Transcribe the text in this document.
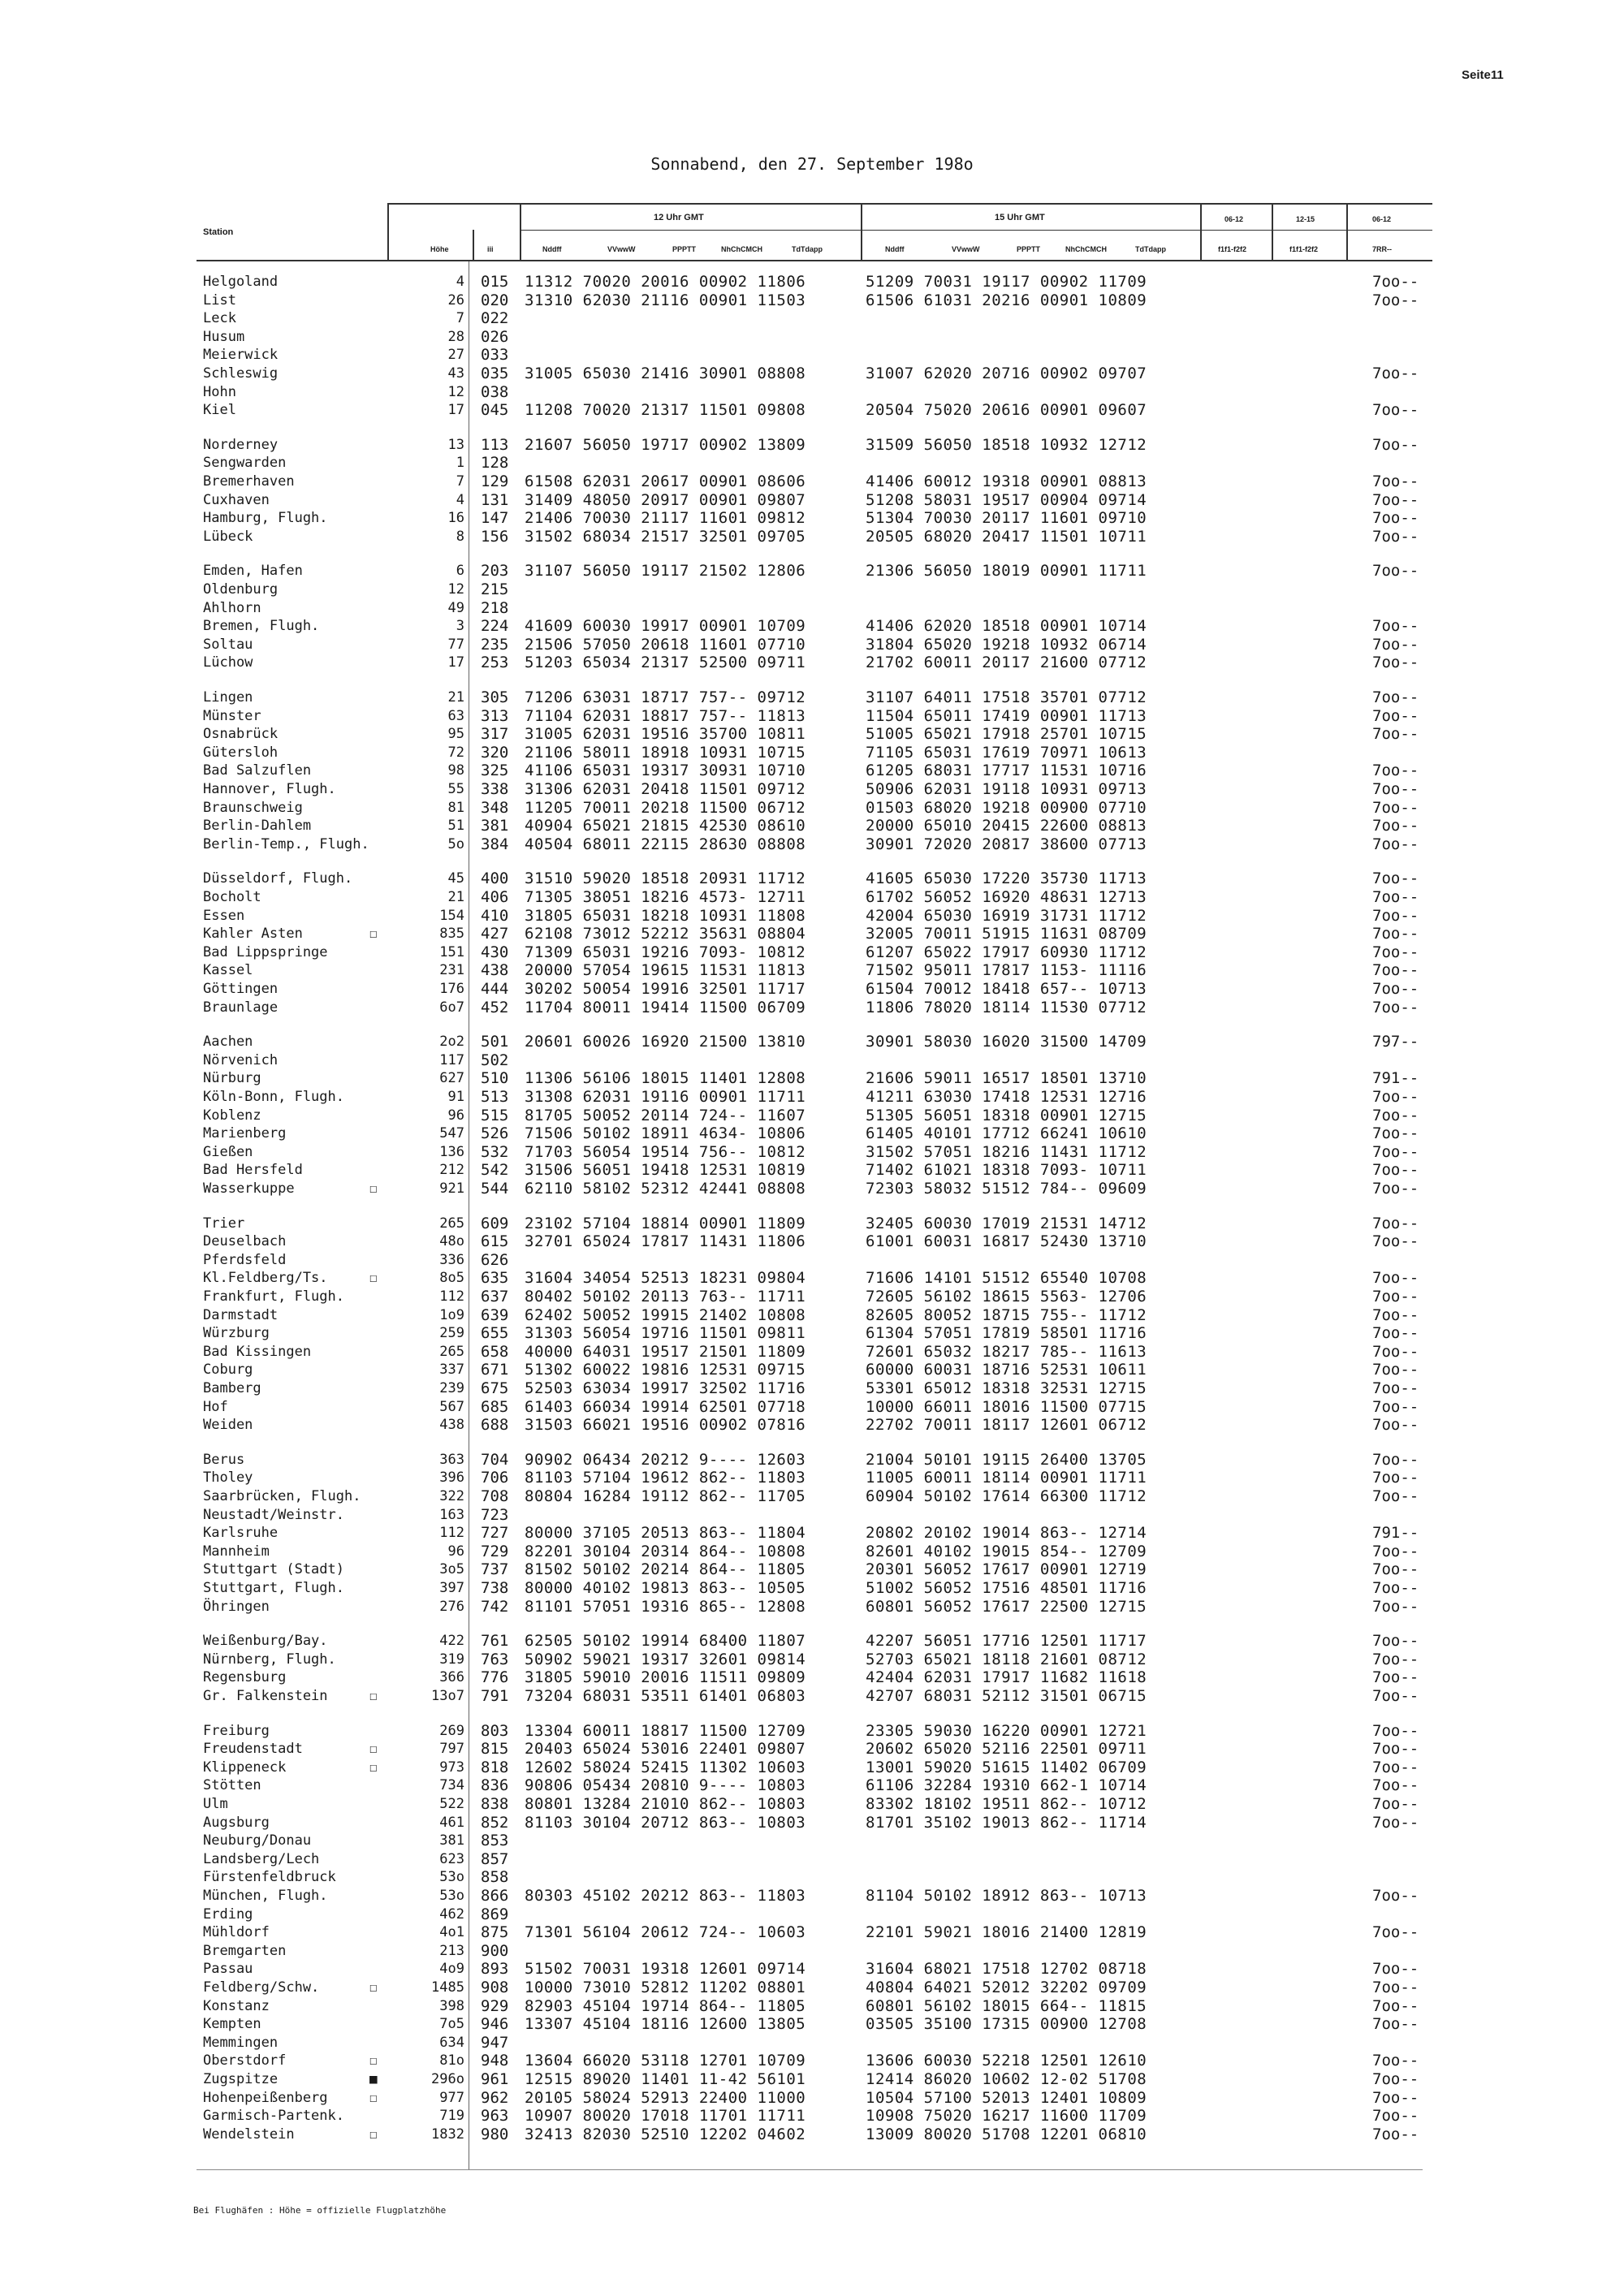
Seite11
Sonnabend, den 27. September 198o
Station
Höhe	iii
12 Uhr GMT	15 Uhr GMT
Nddff	VVwwW	PPPTT	NhChCMCH	TdTdapp	Nddff	VVwwW	PPPTT	NhChCMCH	TdTdapp
06-12	12-15	06-12
f1f1-f2f2	f1f1-f2f2	7RR--
Helgoland	4 015 11312 70020 20016 00902 11806	51209 70031 19117 00902 11709	7oo--
List	26 020 31310 62030 21116 00901 11503	61506 61031 20216 00901 10809	7oo--
Leck	7 022
Husum	28 026
Meierwick	27 033
Schleswig	43 035 31005 65030 21416 30901 08808	31007 62020 20716 00902 09707	7oo--
Hohn	12 038
Kiel	17 045 11208 70020 21317 11501 09808	20504 75020 20616 00901 09607	7oo--
Norderney	13 113 21607 56050 19717 00902 13809	31509 56050 18518 10932 12712	7oo--
Sengwarden	1 128
Bremerhaven	7 129 61508 62031 20617 00901 08606	41406 60012 19318 00901 08813	7oo--
Cuxhaven	4 131 31409 48050 20917 00901 09807	51208 58031 19517 00904 09714	7oo--
Hamburg, Flugh.	16 147 21406 70030 21117 11601 09812	51304 70030 20117 11601 09710	7oo--
Lübeck	8 156 31502 68034 21517 32501 09705	20505 68020 20417 11501 10711	7oo--
Emden, Hafen	6 203 31107 56050 19117 21502 12806	21306 56050 18019 00901 11711	7oo--
Oldenburg	12 215
Ahlhorn	49 218
Bremen, Flugh.	3 224 41609 60030 19917 00901 10709	41406 62020 18518 00901 10714	7oo--
Soltau	77 235 21506 57050 20618 11601 07710	31804 65020 19218 10932 06714	7oo--
Lüchow	17 253 51203 65034 21317 52500 09711	21702 60011 20117 21600 07712	7oo--
Lingen	21 305 71206 63031 18717 757-- 09712	31107 64011 17518 35701 07712	7oo--
Münster	63 313 71104 62031 18817 757-- 11813	11504 65011 17419 00901 11713	7oo--
Osnabrück	95 317 31005 62031 19516 35700 10811	51005 65021 17918 25701 10715	7oo--
Gütersloh	72 320 21106 58011 18918 10931 10715	71105 65031 17619 70971 10613
Bad Salzuflen	98 325 41106 65031 19317 30931 10710	61205 68031 17717 11531 10716	7oo--
Hannover, Flugh.	55 338 31306 62031 20418 11501 09712	50906 62031 19118 10931 09713	7oo--
Braunschweig	81 348 11205 70011 20218 11500 06712	01503 68020 19218 00900 07710	7oo--
Berlin-Dahlem	51 381 40904 65021 21815 42530 08610	20000 65010 20415 22600 08813	7oo--
Berlin-Temp., Flugh.	5o 384 40504 68011 22115 28630 08808	30901 72020 20817 38600 07713	7oo--
Düsseldorf, Flugh.	45 400 31510 59020 18518 20931 11712	41605 65030 17220 35730 11713	7oo--
Bocholt	21 406 71305 38051 18216 4573- 12711	61702 56052 16920 48631 12713	7oo--
Essen	154 410 31805 65031 18218 10931 11808	42004 65030 16919 31731 11712	7oo--
Kahler Asten	☐	835 427 62108 73012 52212 35631 08804	32005 70011 51915 11631 08709	7oo--
Bad Lippspringe	151 430 71309 65031 19216 7093- 10812	61207 65022 17917 60930 11712	7oo--
Kassel	231 438 20000 57054 19615 11531 11813	71502 95011 17817 1153- 11116	7oo--
Göttingen	176 444 30202 50054 19916 32501 11717	61504 70012 18418 657-- 10713	7oo--
Braunlage	6o7 452 11704 80011 19414 11500 06709	11806 78020 18114 11530 07712	7oo--
Aachen	2o2 501 20601 60026 16920 21500 13810	30901 58030 16020 31500 14709	797--
Nörvenich	117 502
Nürburg	627 510 11306 56106 18015 11401 12808	21606 59011 16517 18501 13710	791--
Köln-Bonn, Flugh.	91 513 31308 62031 19116 00901 11711	41211 63030 17418 12531 12716	7oo--
Koblenz	96 515 81705 50052 20114 724-- 11607	51305 56051 18318 00901 12715	7oo--
Marienberg	547 526 71506 50102 18911 4634- 10806	61405 40101 17712 66241 10610	7oo--
Gießen	136 532 71703 56054 19514 756-- 10812	31502 57051 18216 11431 11712	7oo--
Bad Hersfeld	212 542 31506 56051 19418 12531 10819	71402 61021 18318 7093- 10711	7oo--
Wasserkuppe	☐	921 544 62110 58102 52312 42441 08808	72303 58032 51512 784-- 09609	7oo--
Trier	265 609 23102 57104 18814 00901 11809	32405 60030 17019 21531 14712	7oo--
Deuselbach	48o 615 32701 65024 17817 11431 11806	61001 60031 16817 52430 13710	7oo--
Pferdsfeld	336 626
Kl.Feldberg/Ts.	☐	8o5 635 31604 34054 52513 18231 09804	71606 14101 51512 65540 10708	7oo--
Frankfurt, Flugh.	112 637 80402 50102 20113 763-- 11711	72605 56102 18615 5563- 12706	7oo--
Darmstadt	1o9 639 62402 50052 19915 21402 10808	82605 80052 18715 755-- 11712	7oo--
Würzburg	259 655 31303 56054 19716 11501 09811	61304 57051 17819 58501 11716	7oo--
Bad Kissingen	265 658 40000 64031 19517 21501 11809	72601 65032 18217 785-- 11613	7oo--
Coburg	337 671 51302 60022 19816 12531 09715	60000 60031 18716 52531 10611	7oo--
Bamberg	239 675 52503 63034 19917 32502 11716	53301 65012 18318 32531 12715	7oo--
Hof	567 685 61403 66034 19914 62501 07718	10000 66011 18016 11500 07715	7oo--
Weiden	438 688 31503 66021 19516 00902 07816	22702 70011 18117 12601 06712	7oo--
Berus	363 704 90902 06434 20212 9---- 12603	21004 50101 19115 26400 13705	7oo--
Tholey	396 706 81103 57104 19612 862-- 11803	11005 60011 18114 00901 11711	7oo--
Saarbrücken, Flugh.	322 708 80804 16284 19112 862-- 11705	60904 50102 17614 66300 11712	7oo--
Neustadt/Weinstr.	163 723
Karlsruhe	112 727 80000 37105 20513 863-- 11804	20802 20102 19014 863-- 12714	791--
Mannheim	96 729 82201 30104 20314 864-- 10808	82601 40102 19015 854-- 12709	7oo--
Stuttgart (Stadt)	3o5 737 81502 50102 20214 864-- 11805	20301 56052 17617 00901 12719	7oo--
Stuttgart, Flugh.	397 738 80000 40102 19813 863-- 10505	51002 56052 17516 48501 11716	7oo--
Öhringen	276 742 81101 57051 19316 865-- 12808	60801 56052 17617 22500 12715	7oo--
Weißenburg/Bay.	422 761 62505 50102 19914 68400 11807	42207 56051 17716 12501 11717	7oo--
Nürnberg, Flugh.	319 763 50902 59021 19317 32601 09814	52703 65021 18118 21601 08712	7oo--
Regensburg	366 776 31805 59010 20016 11511 09809	42404 62031 17917 11682 11618	7oo--
Gr. Falkenstein	☐	13o7 791 73204 68031 53511 61401 06803	42707 68031 52112 31501 06715	7oo--
Freiburg	269 803 13304 60011 18817 11500 12709	23305 59030 16220 00901 12721	7oo--
Freudenstadt	☐	797 815 20403 65024 53016 22401 09807	20602 65020 52116 22501 09711	7oo--
Klippeneck	☐	973 818 12602 58024 52415 11302 10603	13001 59020 51615 11402 06709	7oo--
Stötten	734 836 90806 05434 20810 9---- 10803	61106 32284 19310 662-1 10714	7oo--
Ulm	522 838 80801 13284 21010 862-- 10803	83302 18102 19511 862-- 10712	7oo--
Augsburg	461 852 81103 30104 20712 863-- 10803	81701 35102 19013 862-- 11714	7oo--
Neuburg/Donau	381 853
Landsberg/Lech	623 857
Fürstenfeldbruck	53o 858
München, Flugh.	53o 866 80303 45102 20212 863-- 11803	81104 50102 18912 863-- 10713	7oo--
Erding	462 869
Mühldorf	4o1 875 71301 56104 20612 724-- 10603	22101 59021 18016 21400 12819	7oo--
Bremgarten	213 900
Passau	4o9 893 51502 70031 19318 12601 09714	31604 68021 17518 12702 08718	7oo--
Feldberg/Schw.	☐	1485 908 10000 73010 52812 11202 08801	40804 64021 52012 32202 09709	7oo--
Konstanz	398 929 82903 45104 19714 864-- 11805	60801 56102 18015 664-- 11815	7oo--
Kempten	7o5 946 13307 45104 18116 12600 13805	03505 35100 17315 00900 12708	7oo--
Memmingen	634 947
Oberstdorf	☐	81o 948 13604 66020 53118 12701 10709	13606 60030 52218 12501 12610	7oo--
Zugspitze	■	296o 961 12515 89020 11401 11-42 56101	12414 86020 10602 12-02 51708	7oo--
Hohenpeißenberg	☐	977 962 20105 58024 52913 22400 11000	10504 57100 52013 12401 10809	7oo--
Garmisch-Partenk.	719 963 10907 80020 17018 11701 11711	10908 75020 16217 11600 11709	7oo--
Wendelstein	☐	1832 980 32413 82030 52510 12202 04602	13009 80020 51708 12201 06810	7oo--
Bei Flughäfen : Höhe = offizielle Flugplatzhöhe
